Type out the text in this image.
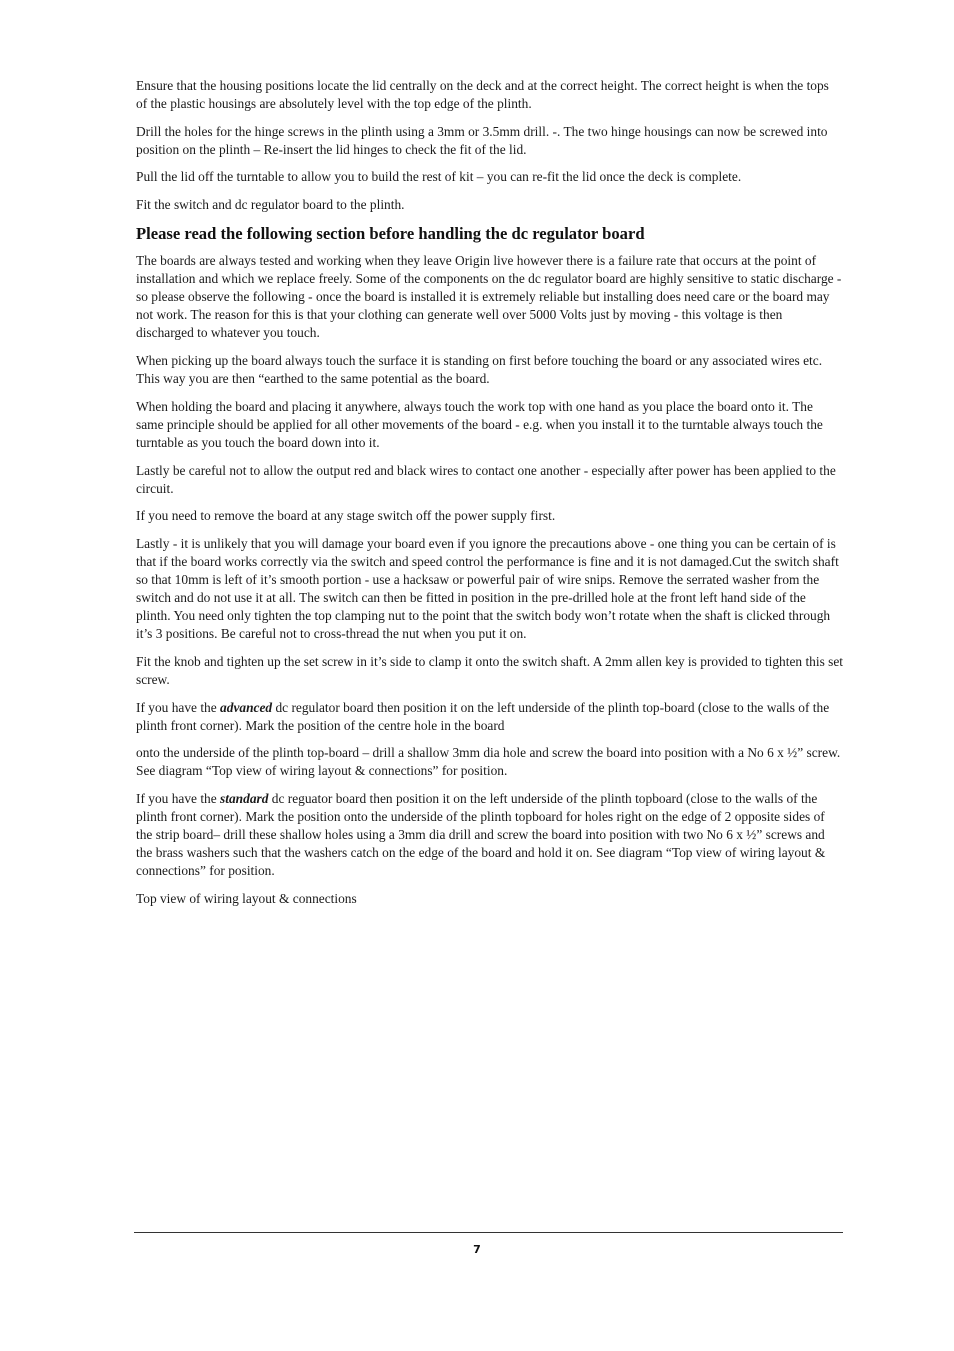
Ensure that the housing positions locate the lid centrally on the deck and at the correct height. The correct height is when the tops of the plastic housings are absolutely level with the top edge of the plinth.

Drill the holes for the hinge screws in the plinth using a 3mm or 3.5mm drill. -. The two hinge housings can now be screwed into position on the plinth – Re-insert the lid hinges to check the fit of the lid.

Pull the lid off the turntable to allow you to build the rest of kit – you can re-fit the lid once the deck is complete.

Fit the switch and dc regulator board to the plinth.

Please read the following section before handling the dc regulator board

The boards are always tested and working when they leave Origin live however there is a failure rate that occurs at the point of installation and which we replace freely. Some of the components on the dc regulator board are highly sensitive to static discharge - so please observe the following - once the board is installed it is extremely reliable but installing does need care or the board may not work. The reason for this is that your clothing can generate well over 5000 Volts just by moving - this voltage is then discharged to whatever you touch.

When picking up the board always touch the surface it is standing on first before touching the board or any associated wires etc. This way you are then “earthed to the same potential as the board.

When holding the board and placing it anywhere, always touch the work top with one hand as you place the board onto it. The same principle should be applied for all other movements of the board - e.g. when you install it to the turntable always touch the turntable as you touch the board down into it.

Lastly be careful not to allow the output red and black wires to contact one another - especially after power has been applied to the circuit.

If you need to remove the board at any stage switch off the power supply first.

Lastly - it is unlikely that you will damage your board even if you ignore the precautions above - one thing you can be certain of is that if the board works correctly via the switch and speed control the performance is fine and it is not damaged.Cut the switch shaft so that 10mm is left of it’s smooth portion - use a hacksaw or powerful pair of wire snips. Remove the serrated washer from the switch and do not use it at all. The switch can then be fitted in position in the pre-drilled hole at the front left hand side of the plinth. You need only tighten the top clamping nut to the point that the switch body won’t rotate when the shaft is clicked through it’s 3 positions. Be careful not to cross-thread the nut when you put it on.

Fit the knob and tighten up the set screw in it’s side to clamp it onto the switch shaft. A 2mm allen key is provided to tighten this set screw.

If you have the advanced dc regulator board then position it on the left underside of the plinth top-board (close to the walls of the plinth front corner). Mark the position of the centre hole in the board

onto the underside of the plinth top-board – drill a shallow 3mm dia hole and screw the board into position with a No 6 x ½” screw. See diagram “Top view of wiring layout & connections” for position.

If you have the standard dc reguator board then position it on the left underside of the plinth topboard (close to the walls of the plinth front corner). Mark the position onto the underside of the plinth topboard for holes right on the edge of 2 opposite sides of the strip board– drill these shallow holes using a 3mm dia drill and screw the board into position with two No 6 x ½” screws and the brass washers such that the washers catch on the edge of the board and hold it on. See diagram “Top view of wiring layout & connections” for position.

Top view of wiring layout & connections

7
